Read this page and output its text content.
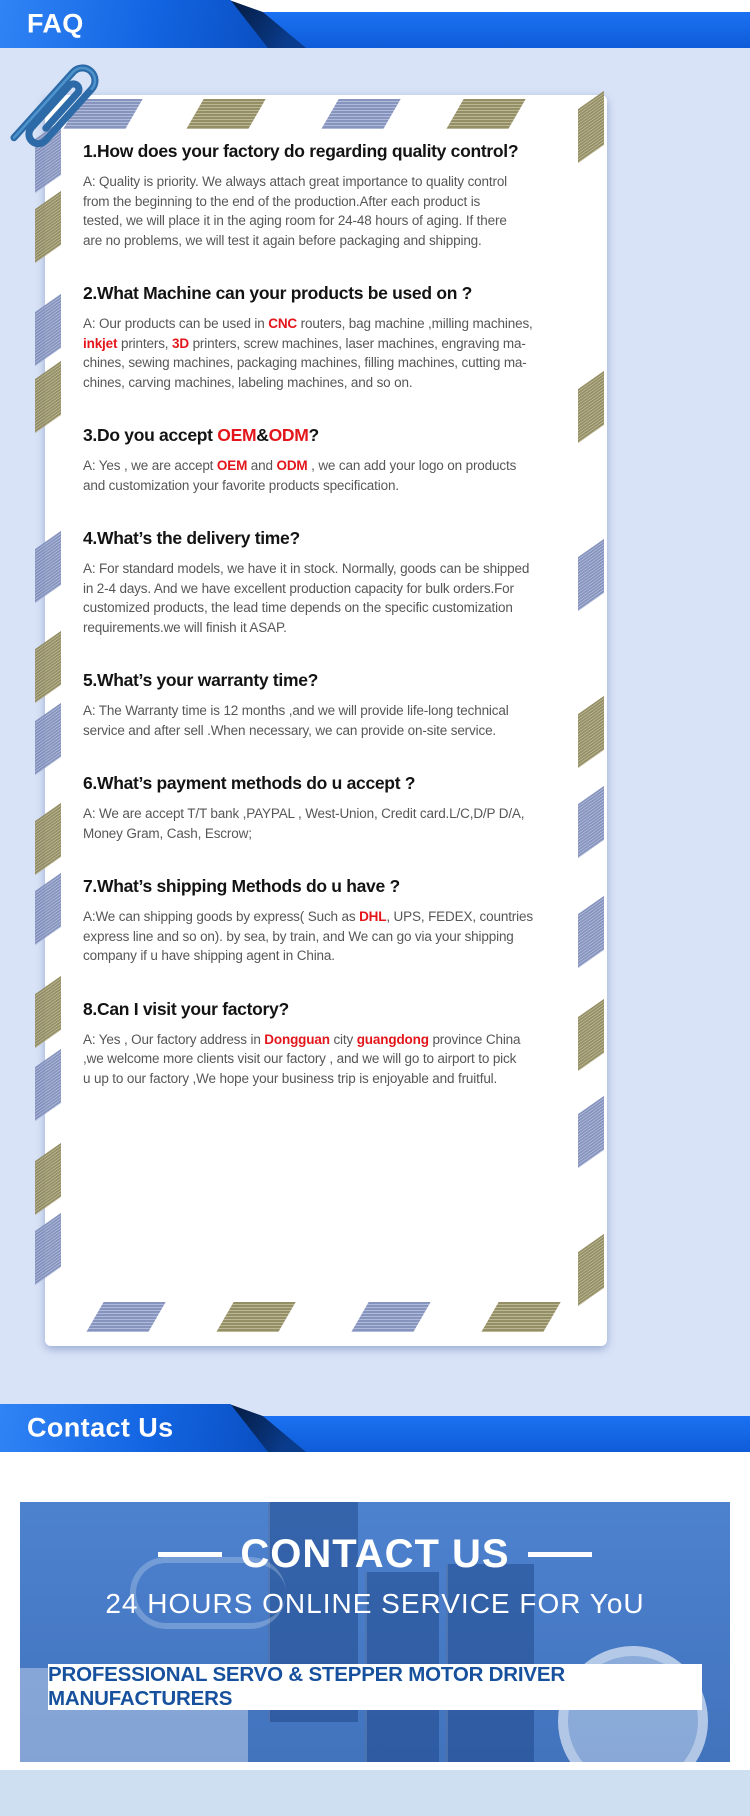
FAQ
1.How does your factory do regarding quality control?
A: Quality is priority. We always attach great importance to quality control
from the beginning to the end of the production.After each product is
tested, we will place it in the aging room for 24-48 hours of aging. If there
are no problems, we will test it again before packaging and shipping.
2.What Machine can your products be used on ?
A: Our products can be used in CNC routers, bag machine ,milling machines,
inkjet printers, 3D printers, screw machines, laser machines, engraving ma-
chines, sewing machines, packaging machines, filling machines, cutting ma-
chines, carving machines, labeling machines, and so on.
3.Do you accept OEM&ODM?
A: Yes , we are accept OEM and ODM , we can add your logo on products
and customization your favorite products specification.
4.What’s the delivery time?
A: For standard models, we have it in stock. Normally, goods can be shipped
in 2-4 days. And we have excellent production capacity for bulk orders.For
customized products, the lead time depends on the specific customization
requirements.we will finish it ASAP.
5.What’s your warranty time?
A: The Warranty time is 12 months ,and we will provide life-long technical
service and after sell .When necessary, we can provide on-site service.
6.What’s payment methods do u accept ?
A: We are accept T/T bank ,PAYPAL , West-Union, Credit card.L/C,D/P D/A,
Money Gram, Cash, Escrow;
7.What’s shipping Methods do u have ?
A:We can shipping goods by express( Such as DHL, UPS, FEDEX, countries
express line and so on). by sea, by train, and We can go via your shipping
company if u have shipping agent in China.
8.Can I visit your factory?
A: Yes , Our factory address in Dongguan city guangdong province China
,we welcome more clients visit our factory , and we will go to airport to pick
u up to our factory ,We hope your business trip is enjoyable and fruitful.
Contact Us
CONTACT US
24 HOURS ONLINE SERVICE FOR YoU
PROFESSIONAL SERVO & STEPPER MOTOR DRIVER MANUFACTURERS
